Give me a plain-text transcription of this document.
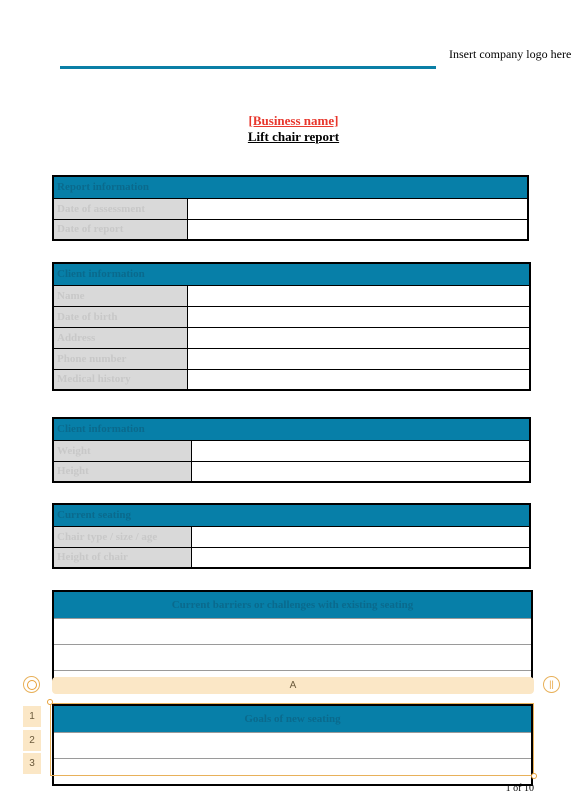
Insert company logo here
[Business name]
Lift chair report
Report information	
Date of assessment	
Date of report	
Client information	
Name	
Date of birth	
Address	
Phone number	
Medical history	
Client information	
Weight	
Height	
Current seating	
Chair type / size / age	
Height of chair	
Current barriers or challenges with existing seating

A	||
Goals of new seating

1
2
3
1 of 10
